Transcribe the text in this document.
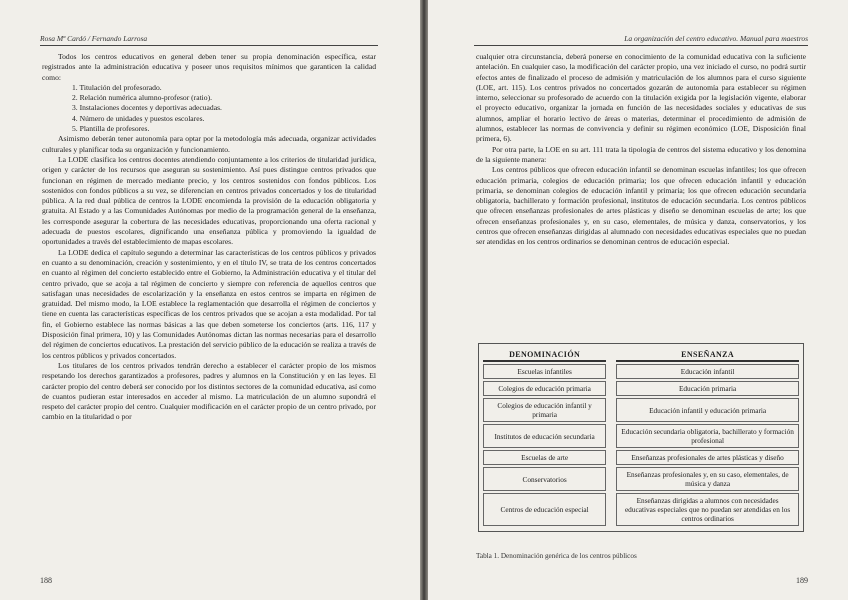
Rosa Mª Cardó / Fernando Larrosa

Todos los centros educativos en general deben tener su propia denominación específica, estar registrados ante la administración educativa y poseer unos requisitos mínimos que garanticen la calidad como:

1. Titulación del profesorado.
2. Relación numérica alumno-profesor (ratio).
3. Instalaciones docentes y deportivas adecuadas.
4. Número de unidades y puestos escolares.
5. Plantilla de profesores.

Asimismo deberán tener autonomía para optar por la metodología más adecuada, organizar actividades culturales y planificar toda su organización y funcionamiento.

La LODE clasifica los centros docentes atendiendo conjuntamente a los criterios de titularidad jurídica, origen y carácter de los recursos que aseguran su sostenimiento. Así pues distingue centros privados que funcionan en régimen de mercado mediante precio, y los centros sostenidos con fondos públicos. Los sostenidos con fondos públicos a su vez, se diferencian en centros privados concertados y los de titularidad pública. A la red dual pública de centros la LODE encomienda la provisión de la educación obligatoria y gratuita. Al Estado y a las Comunidades Autónomas por medio de la programación general de la enseñanza, les corresponde asegurar la cobertura de las necesidades educativas, proporcionando una oferta racional y adecuada de puestos escolares, dignificando una enseñanza pública y promoviendo la igualdad de oportunidades a través del establecimiento de mapas escolares.

La LODE dedica el capítulo segundo a determinar las características de los centros públicos y privados en cuanto a su denominación, creación y sostenimiento, y en el título IV, se trata de los centros concertados en cuanto al régimen del concierto establecido entre el Gobierno, la Administración educativa y el titular del centro privado, que se acoja a tal régimen de concierto y siempre con referencia de aquellos centros que satisfagan unas necesidades de escolarización y la enseñanza en estos centros se imparta en régimen de gratuidad. Del mismo modo, la LOE establece la reglamentación que desarrolla el régimen de conciertos y tiene en cuenta las características específicas de los centros privados que se acojan a esta modalidad. Por tal fin, el Gobierno establece las normas básicas a las que deben someterse los conciertos (arts. 116, 117 y Disposición final primera, 10) y las Comunidades Autónomas dictan las normas necesarias para el desarrollo del régimen de conciertos educativos. La prestación del servicio público de la educación se realiza a través de los centros públicos y privados concertados.

Los titulares de los centros privados tendrán derecho a establecer el carácter propio de los mismos respetando los derechos garantizados a profesores, padres y alumnos en la Constitución y en las leyes. El carácter propio del centro deberá ser conocido por los distintos sectores de la comunidad educativa, así como de cuantos pudieran estar interesados en acceder al mismo. La matriculación de un alumno supondrá el respeto del carácter propio del centro. Cualquier modificación en el carácter propio de un centro privado, por cambio en la titularidad o por

188
La organización del centro educativo. Manual para maestros

cualquier otra circunstancia, deberá ponerse en conocimiento de la comunidad educativa con la suficiente antelación. En cualquier caso, la modificación del carácter propio, una vez iniciado el curso, no podrá surtir efectos antes de finalizado el proceso de admisión y matriculación de los alumnos para el curso siguiente (LOE, art. 115). Los centros privados no concertados gozarán de autonomía para establecer su régimen interno, seleccionar su profesorado de acuerdo con la titulación exigida por la legislación vigente, elaborar el proyecto educativo, organizar la jornada en función de las necesidades sociales y educativas de sus alumnos, ampliar el horario lectivo de áreas o materias, determinar el procedimiento de admisión de alumnos, establecer las normas de convivencia y definir su régimen económico (LOE, Disposición final primera, 6).

Por otra parte, la LOE en su art. 111 trata la tipología de centros del sistema educativo y los denomina de la siguiente manera:

Los centros públicos que ofrecen educación infantil se denominan escuelas infantiles; los que ofrecen educación primaria, colegios de educación primaria; los que ofrecen educación infantil y educación primaria, se denominan colegios de educación infantil y primaria; los que ofrecen educación secundaria obligatoria, bachillerato y formación profesional, institutos de educación secundaria. Los centros públicos que ofrecen enseñanzas profesionales de artes plásticas y diseño se denominan escuelas de arte; los que ofrecen enseñanzas profesionales y, en su caso, elementales, de música y danza, conservatorios, y los centros que ofrecen enseñanzas dirigidas al alumnado con necesidades educativas especiales que no puedan ser atendidas en los centros ordinarios se denominan centros de educación especial.

DENOMINACIÓN		ENSEÑANZA
Escuelas infantiles		Educación infantil
Colegios de educación primaria		Educación primaria
Colegios de educación infantil y primaria		Educación infantil y educación primaria
Institutos de educación secundaria		Educación secundaria obligatoria, bachillerato y formación profesional
Escuelas de arte		Enseñanzas profesionales de artes plásticas y diseño
Conservatorios		Enseñanzas profesionales y, en su caso, elementales, de música y danza
Centros de educación especial		Enseñanzas dirigidas a alumnos con necesidades educativas especiales que no puedan ser atendidas en los centros ordinarios
Tabla 1. Denominación genérica de los centros públicos
189
